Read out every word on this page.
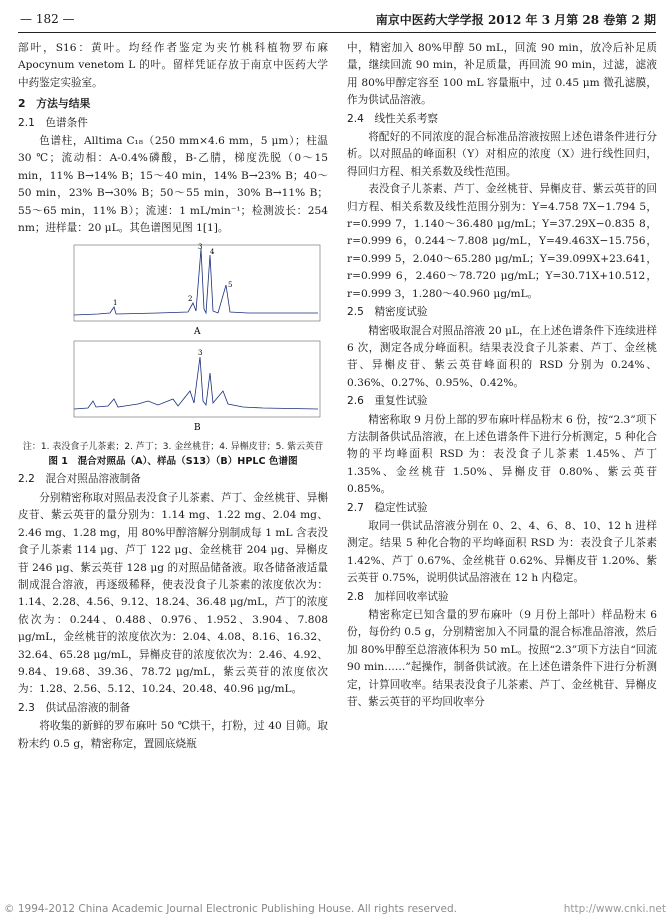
— 182 —	南京中医药大学学报 2012 年 3 月第 28 卷第 2 期

部叶，S16：黄叶。均经作者鉴定为夹竹桃科植物罗布麻 Apocynum venetom L 的叶。留样凭证存放于南京中医药大学中药鉴定实验室。

2　方法与结果
2.1　色谱条件

色谱柱，Alltima C₁₈（250 mm×4.6 mm，5 μm）；柱温 30 ℃；流动相：A-0.4%磷酸，B-乙腈，梯度洗脱（0～15 min，11% B→14% B；15～40 min，14% B→23% B；40～50 min，23% B→30% B；50～55 min，30% B→11% B；55～65 min，11% B）；流速：1 mL/min⁻¹；检测波长：254 nm；进样量：20 μL。其色谱图见图 1[1]。

1	2
3
4
5
A
3
B
注：1. 表没食子儿茶素；2. 芦丁；3. 金丝桃苷；4. 异槲皮苷；5. 紫云英苷
图 1　混合对照品（A）、样品（S13）（B）HPLC 色谱图
2.2　混合对照品溶液制备

分别精密称取对照品表没食子儿茶素、芦丁、金丝桃苷、异槲皮苷、紫云英苷的量分别为：1.14 mg、1.22 mg、2.04 mg、2.46 mg、1.28 mg，用 80%甲醇溶解分别制成每 1 mL 含表没食子儿茶素 114 μg、芦丁 122 μg、金丝桃苷 204 μg、异槲皮苷 246 μg、紫云英苷 128 μg 的对照品储备液。取各储备液适量制成混合溶液，再逐级稀释，使表没食子儿茶素的浓度依次为：1.14、2.28、4.56、9.12、18.24、36.48 μg/mL，芦丁的浓度依次为：0.244、0.488、0.976、1.952、3.904、7.808 μg/mL，金丝桃苷的浓度依次为：2.04、4.08、8.16、16.32、32.64、65.28 μg/mL，异槲皮苷的浓度依次为：2.46、4.92、9.84、19.68、39.36、78.72 μg/mL，紫云英苷的浓度依次为：1.28、2.56、5.12、10.24、20.48、40.96 μg/mL。

2.3　供试品溶液的制备

将收集的新鲜的罗布麻叶 50 ℃烘干，打粉，过 40 目筛。取粉末约 0.5 g，精密称定，置圆底烧瓶

中，精密加入 80%甲醇 50 mL，回流 90 min，放冷后补足质量，继续回流 90 min，补足质量，再回流 90 min，过滤，滤液用 80%甲醇定容至 100 mL 容量瓶中，过 0.45 μm 微孔滤膜，作为供试品溶液。

2.4　线性关系考察

将配好的不同浓度的混合标准品溶液按照上述色谱条件进行分析。以对照品的峰面积（Y）对相应的浓度（X）进行线性回归，得回归方程、相关系数及线性范围。

表没食子儿茶素、芦丁、金丝桃苷、异槲皮苷、紫云英苷的回归方程、相关系数及线性范围分别为：Y=4.758 7X−1.794 5，r=0.999 7，1.140～36.480 μg/mL；Y=37.29X−0.835 8，r=0.999 6，0.244～7.808 μg/mL，Y=49.463X−15.756，r=0.999 5，2.040～65.280 μg/mL；Y=39.099X+23.641，r=0.999 6，2.460～78.720 μg/mL；Y=30.71X+10.512，r=0.999 3，1.280～40.960 μg/mL。

2.5　精密度试验

精密吸取混合对照品溶液 20 μL，在上述色谱条件下连续进样 6 次，测定各成分峰面积。结果表没食子儿茶素、芦丁、金丝桃苷、异槲皮苷、紫云英苷峰面积的 RSD 分别为 0.24%、0.36%、0.27%、0.95%、0.42%。

2.6　重复性试验

精密称取 9 月份上部的罗布麻叶样品粉末 6 份，按“2.3”项下方法制备供试品溶液，在上述色谱条件下进行分析测定，5 种化合物的平均峰面积 RSD 为：表没食子儿茶素 1.45%、芦丁 1.35%、金丝桃苷 1.50%、异槲皮苷 0.80%、紫云英苷 0.85%。

2.7　稳定性试验

取同一供试品溶液分别在 0、2、4、6、8、10、12 h 进样测定。结果 5 种化合物的平均峰面积 RSD 为：表没食子儿茶素 1.42%、芦丁 0.67%、金丝桃苷 0.62%、异槲皮苷 1.20%、紫云英苷 0.75%，说明供试品溶液在 12 h 内稳定。

2.8　加样回收率试验

精密称定已知含量的罗布麻叶（9 月份上部叶）样品粉末 6 份，每份约 0.5 g，分别精密加入不同量的混合标准品溶液，然后加 80%甲醇至总溶液体积为 50 mL。按照“2.3”项下方法自“回流 90 min……”起操作，制备供试液。在上述色谱条件下进行分析测定，计算回收率。结果表没食子儿茶素、芦丁、金丝桃苷、异槲皮苷、紫云英苷的平均回收率分

© 1994-2012 China Academic Journal Electronic Publishing House. All rights reserved.	http://www.cnki.net
